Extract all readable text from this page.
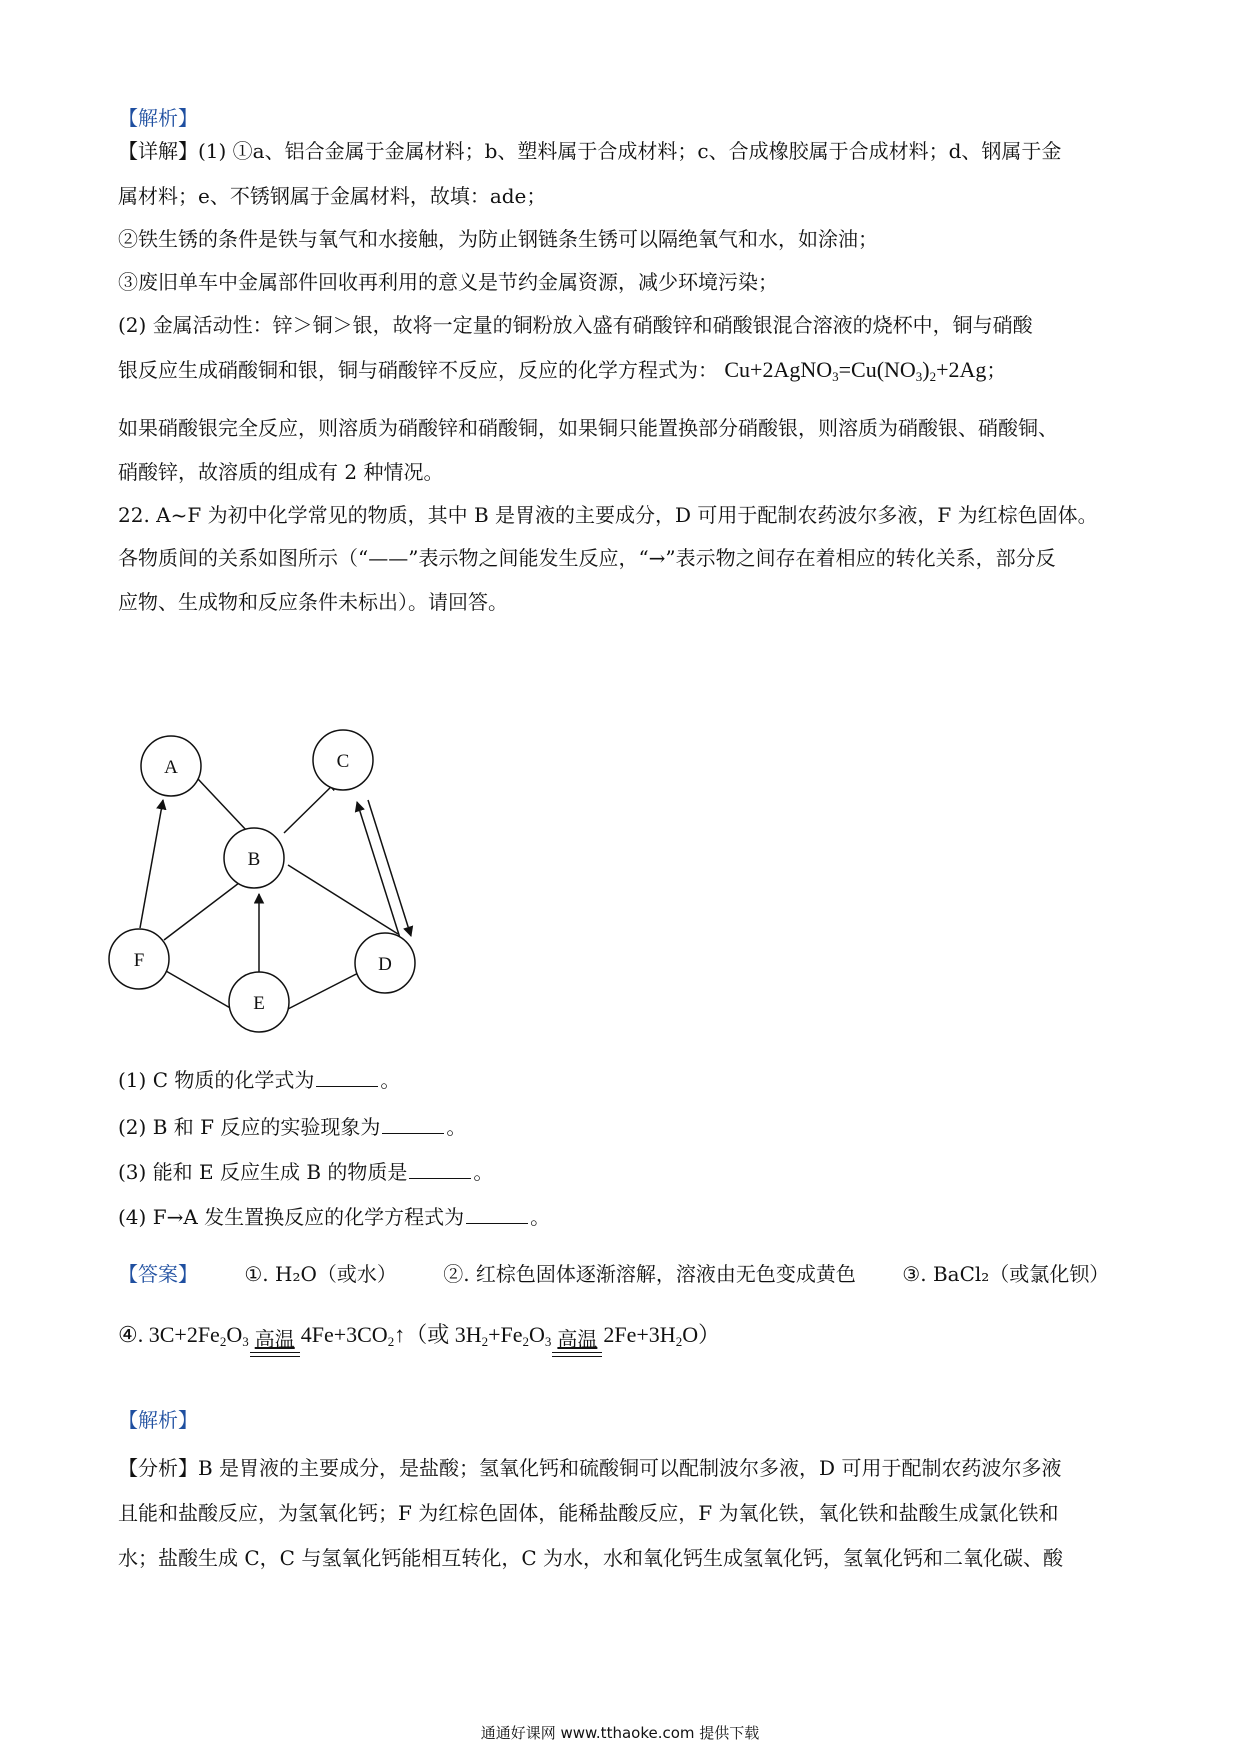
【解析】
【详解】(1) ①a、铝合金属于金属材料；b、塑料属于合成材料；c、合成橡胶属于合成材料；d、钢属于金
属材料；e、不锈钢属于金属材料，故填：ade；
②铁生锈的条件是铁与氧气和水接触，为防止钢链条生锈可以隔绝氧气和水，如涂油；
③废旧单车中金属部件回收再利用的意义是节约金属资源，减少环境污染；
(2) 金属活动性：锌＞铜＞银，故将一定量的铜粉放入盛有硝酸锌和硝酸银混合溶液的烧杯中，铜与硝酸
银反应生成硝酸铜和银，铜与硝酸锌不反应，反应的化学方程式为： $Cu+2AgNO_3=Cu(NO_3)_2+2Ag$；
如果硝酸银完全反应，则溶质为硝酸锌和硝酸铜，如果铜只能置换部分硝酸银，则溶质为硝酸银、硝酸铜、
硝酸锌，故溶质的组成有 2 种情况。
22. A~F 为初中化学常见的物质，其中 B 是胃液的主要成分，D 可用于配制农药波尔多液，F 为红棕色固体。
各物质间的关系如图所示（“——”表示物之间能发生反应，“→”表示物之间存在着相应的转化关系，部分反
应物、生成物和反应条件未标出）。请回答。
A
B
C
D
E
F
(1) C 物质的化学式为	。
(2) B 和 F 反应的实验现象为	。
(3) 能和 E 反应生成 B 的物质是	。
(4) F→A 发生置换反应的化学方程式为	。
【答案】 ①. H₂O（或水） ②. 红棕色固体逐渐溶解，溶液由无色变成黄色 ③. BaCl₂（或氯化钡）
④. $3C+2Fe_2O_3$ 高温 $4Fe+3CO_2↑$（或 $3H_2+Fe_2O_3$ 高温 $2Fe+3H_2O$）
【解析】
【分析】B 是胃液的主要成分，是盐酸；氢氧化钙和硫酸铜可以配制波尔多液，D 可用于配制农药波尔多液
且能和盐酸反应，为氢氧化钙；F 为红棕色固体，能稀盐酸反应，F 为氧化铁，氧化铁和盐酸生成氯化铁和
水；盐酸生成 C，C 与氢氧化钙能相互转化，C 为水，水和氧化钙生成氢氧化钙，氢氧化钙和二氧化碳、酸
通通好课网 www.tthaoke.com 提供下载
